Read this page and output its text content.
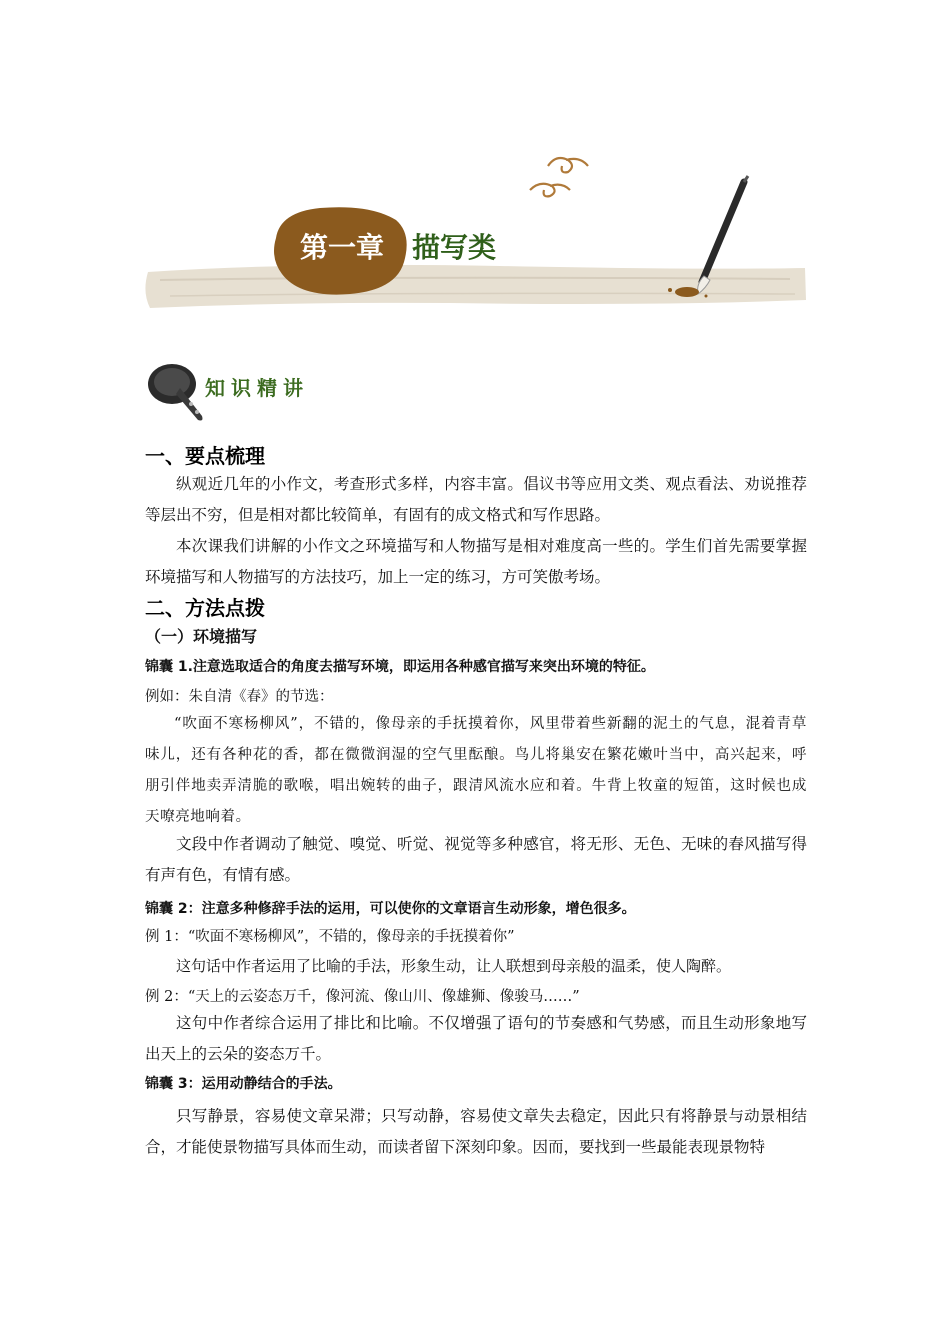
第一章 描写类
知识精讲
一、要点梳理

纵观近几年的小作文，考查形式多样，内容丰富。倡议书等应用文类、观点看法、劝说推荐等层出不穷，但是相对都比较简单，有固有的成文格式和写作思路。

本次课我们讲解的小作文之环境描写和人物描写是相对难度高一些的。学生们首先需要掌握环境描写和人物描写的方法技巧，加上一定的练习，方可笑傲考场。

二、方法点拨
（一）环境描写
锦囊 1.注意选取适合的角度去描写环境，即运用各种感官描写来突出环境的特征。
例如：朱自清《春》的节选：

“吹面不寒杨柳风”，不错的，像母亲的手抚摸着你，风里带着些新翻的泥土的气息，混着青草味儿，还有各种花的香，都在微微润湿的空气里酝酿。鸟儿将巢安在繁花嫩叶当中，高兴起来，呼朋引伴地卖弄清脆的歌喉，唱出婉转的曲子，跟清风流水应和着。牛背上牧童的短笛，这时候也成天嘹亮地响着。

文段中作者调动了触觉、嗅觉、听觉、视觉等多种感官，将无形、无色、无味的春风描写得有声有色，有情有感。

锦囊 2：注意多种修辞手法的运用，可以使你的文章语言生动形象，增色很多。
例 1：“吹面不寒杨柳风”，不错的，像母亲的手抚摸着你”
这句话中作者运用了比喻的手法，形象生动，让人联想到母亲般的温柔，使人陶醉。
例 2：“天上的云姿态万千，像河流、像山川、像雄狮、像骏马……”

这句中作者综合运用了排比和比喻。不仅增强了语句的节奏感和气势感，而且生动形象地写出天上的云朵的姿态万千。

锦囊 3：运用动静结合的手法。

只写静景，容易使文章呆滞；只写动静，容易使文章失去稳定，因此只有将静景与动景相结合，才能使景物描写具体而生动，而读者留下深刻印象。因而，要找到一些最能表现景物特
